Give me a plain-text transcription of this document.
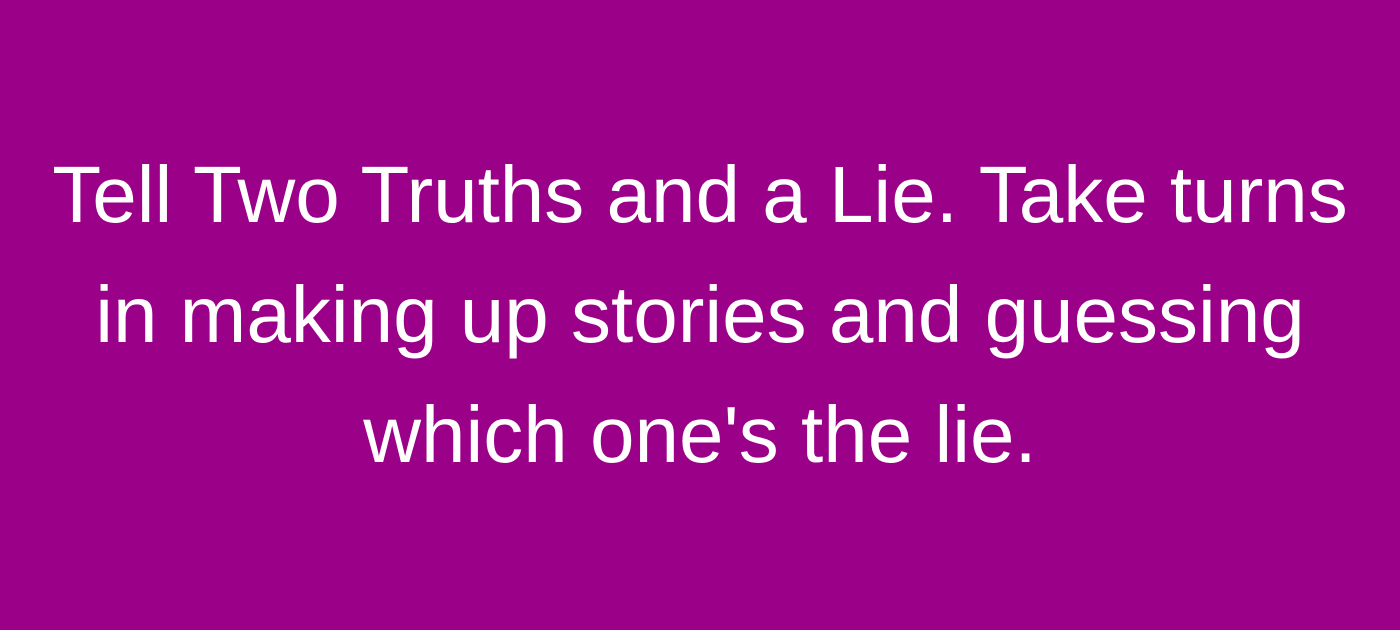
Tell Two Truths and a Lie. Take turns
in making up stories and guessing
which one's the lie.
